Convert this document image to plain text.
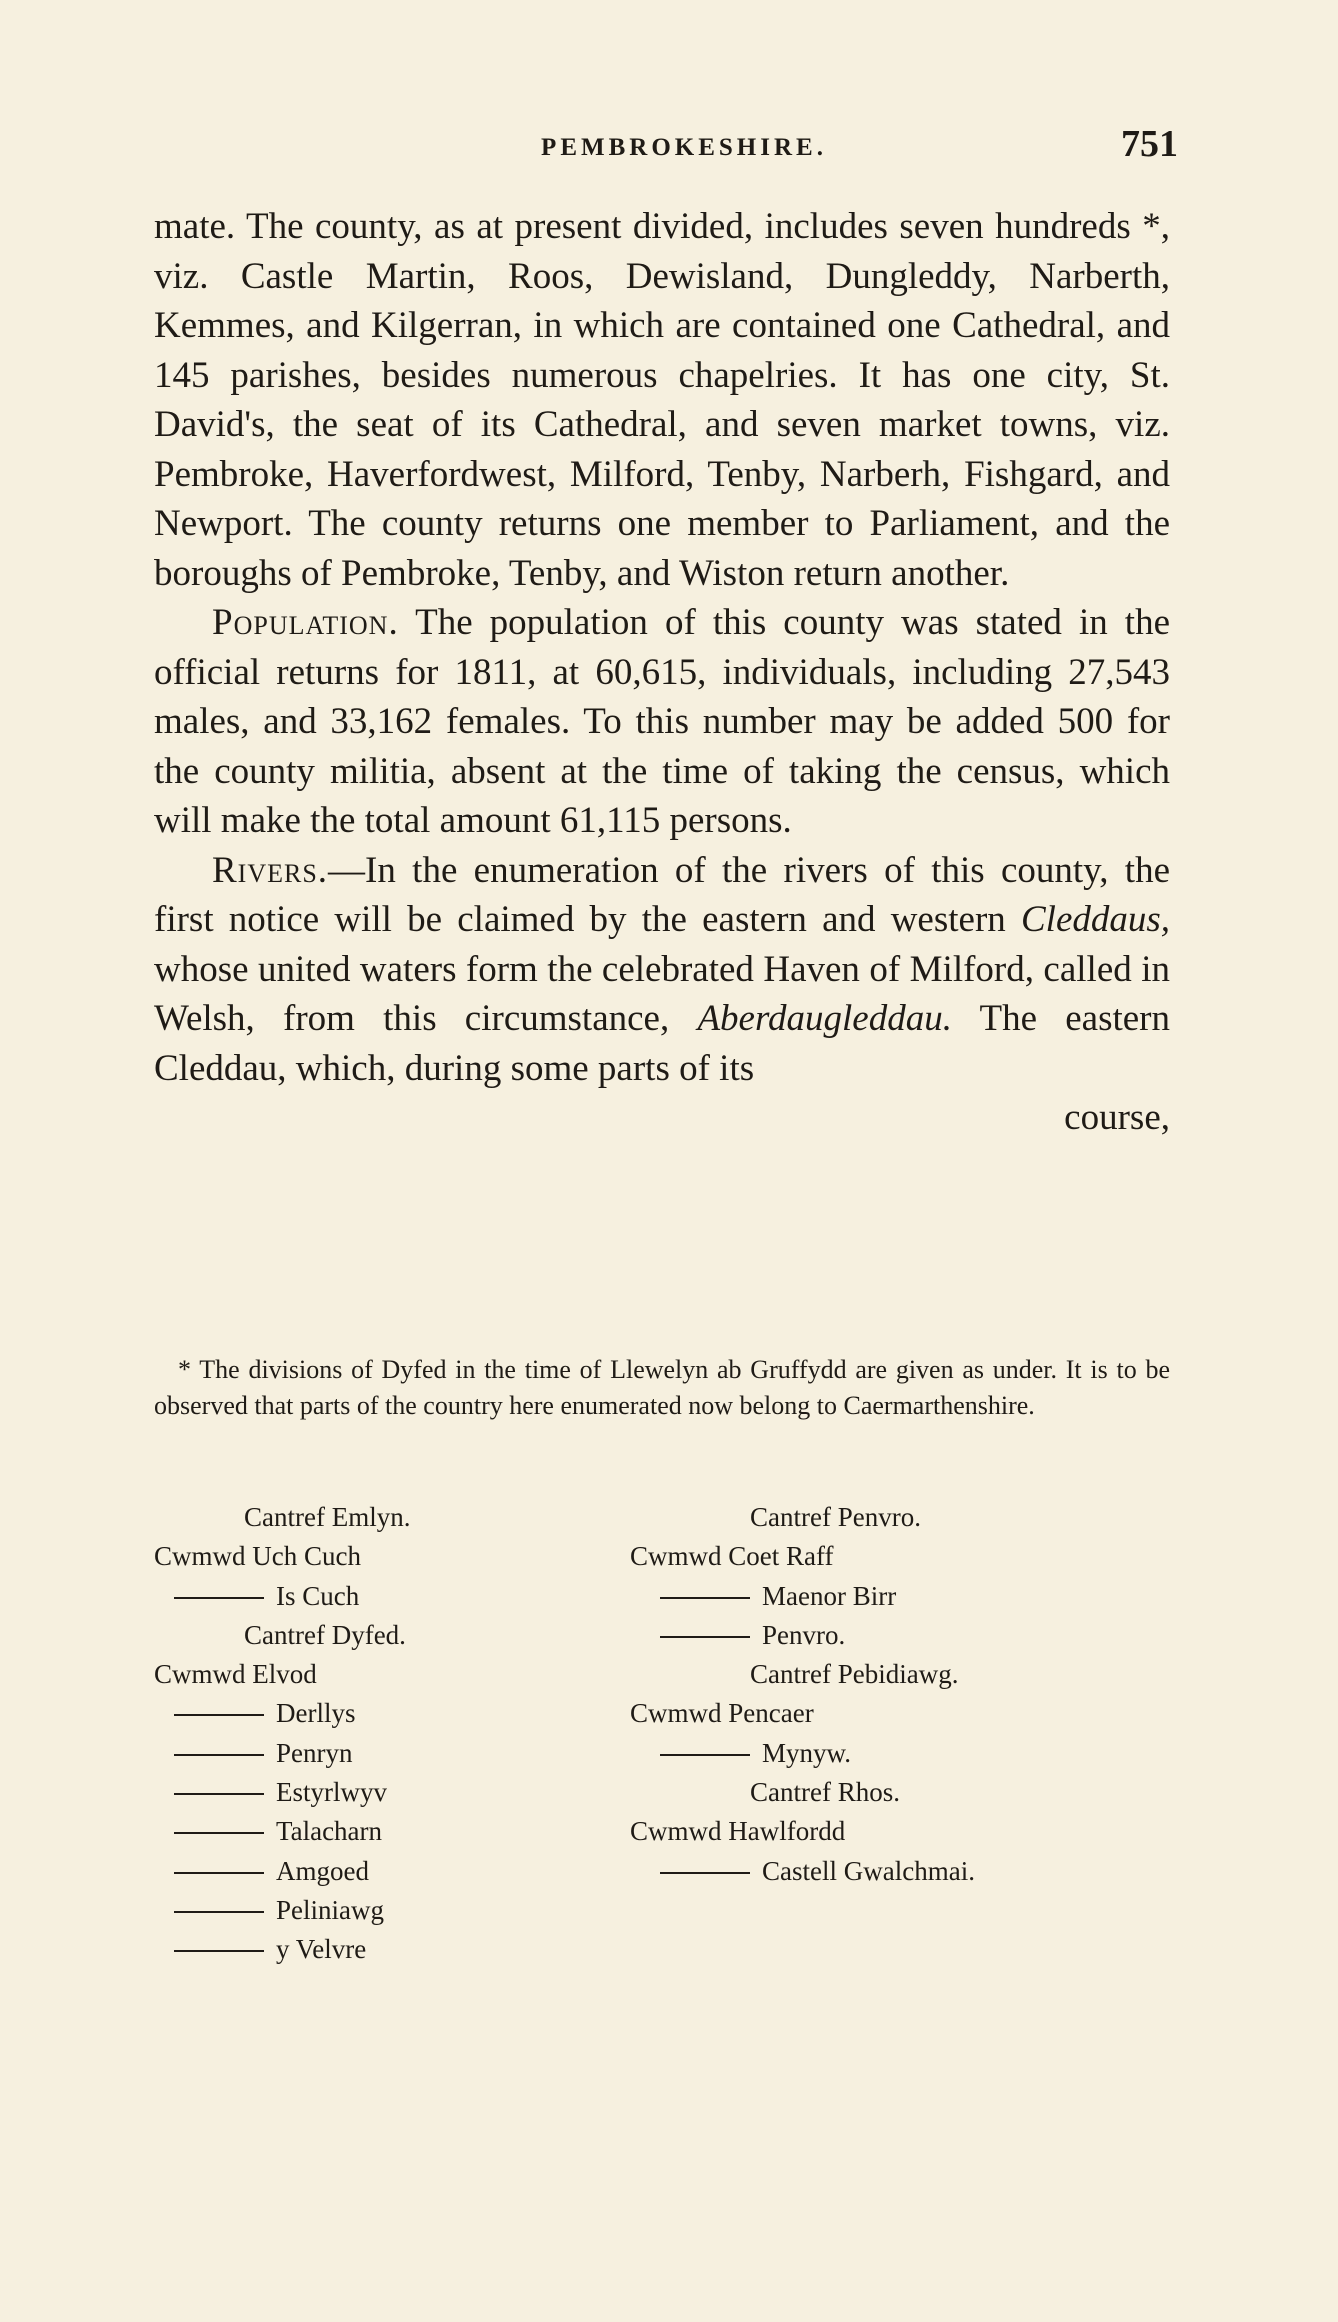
PEMBROKESHIRE.	751

mate. The county, as at present divided, includes seven hundreds *, viz. Castle Martin, Roos, Dewisland, Dungleddy, Narberth, Kemmes, and Kilgerran, in which are contained one Cathedral, and 145 parishes, besides numerous chapelries. It has one city, St. David's, the seat of its Cathedral, and seven market towns, viz. Pembroke, Haverfordwest, Milford, Tenby, Narberh, Fishgard, and Newport. The county returns one member to Parliament, and the boroughs of Pembroke, Tenby, and Wiston return another.

Population. The population of this county was stated in the official returns for 1811, at 60,615, individuals, including 27,543 males, and 33,162 females. To this number may be added 500 for the county militia, absent at the time of taking the census, which will make the total amount 61,115 persons.

Rivers.—In the enumeration of the rivers of this county, the first notice will be claimed by the eastern and western Cleddaus, whose united waters form the celebrated Haven of Milford, called in Welsh, from this circumstance, Aberdaugleddau. The eastern Cleddau, which, during some parts of its

course,

* The divisions of Dyfed in the time of Llewelyn ab Gruffydd are given as under. It is to be observed that parts of the country here enumerated now belong to Caermarthenshire.

Cantref Emlyn.
Cwmwd Uch Cuch
Is Cuch
Cantref Dyfed.
Cwmwd Elvod
Derllys
Penryn
Estyrlwyv
Talacharn
Amgoed
Peliniawg
y Velvre
Cantref Penvro.
Cwmwd Coet Raff
Maenor Birr
Penvro.
Cantref Pebidiawg.
Cwmwd Pencaer
Mynyw.
Cantref Rhos.
Cwmwd Hawlfordd
Castell Gwalchmai.
